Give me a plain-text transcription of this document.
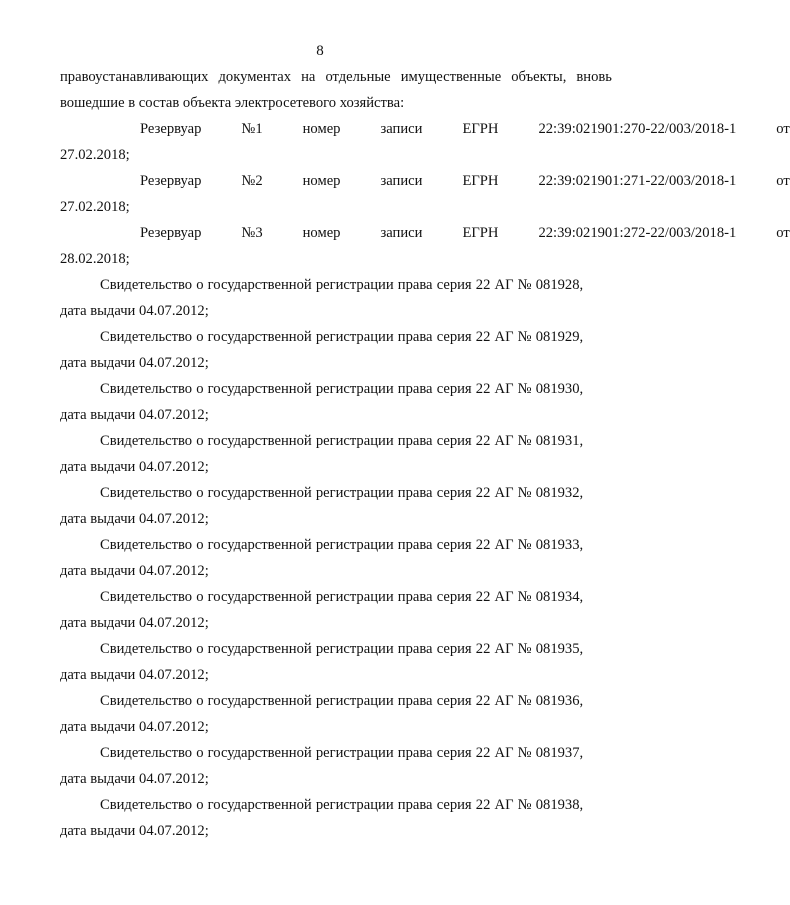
8
правоустанавливающих документах на отдельные имущественные объекты, вновь
вошедшие в состав объекта электросетевого хозяйства:
Резервуар	№1	номер	записи	ЕГРН	22:39:021901:270-22/003/2018-1	от
27.02.2018;
Резервуар	№2	номер	записи	ЕГРН	22:39:021901:271-22/003/2018-1	от
27.02.2018;
Резервуар	№3	номер	записи	ЕГРН	22:39:021901:272-22/003/2018-1	от
28.02.2018;
Свидетельство о государственной регистрации права серия 22 АГ № 081928,
дата выдачи 04.07.2012;
Свидетельство о государственной регистрации права серия 22 АГ № 081929,
дата выдачи 04.07.2012;
Свидетельство о государственной регистрации права серия 22 АГ № 081930,
дата выдачи 04.07.2012;
Свидетельство о государственной регистрации права серия 22 АГ № 081931,
дата выдачи 04.07.2012;
Свидетельство о государственной регистрации права серия 22 АГ № 081932,
дата выдачи 04.07.2012;
Свидетельство о государственной регистрации права серия 22 АГ № 081933,
дата выдачи 04.07.2012;
Свидетельство о государственной регистрации права серия 22 АГ № 081934,
дата выдачи 04.07.2012;
Свидетельство о государственной регистрации права серия 22 АГ № 081935,
дата выдачи 04.07.2012;
Свидетельство о государственной регистрации права серия 22 АГ № 081936,
дата выдачи 04.07.2012;
Свидетельство о государственной регистрации права серия 22 АГ № 081937,
дата выдачи 04.07.2012;
Свидетельство о государственной регистрации права серия 22 АГ № 081938,
дата выдачи 04.07.2012;
